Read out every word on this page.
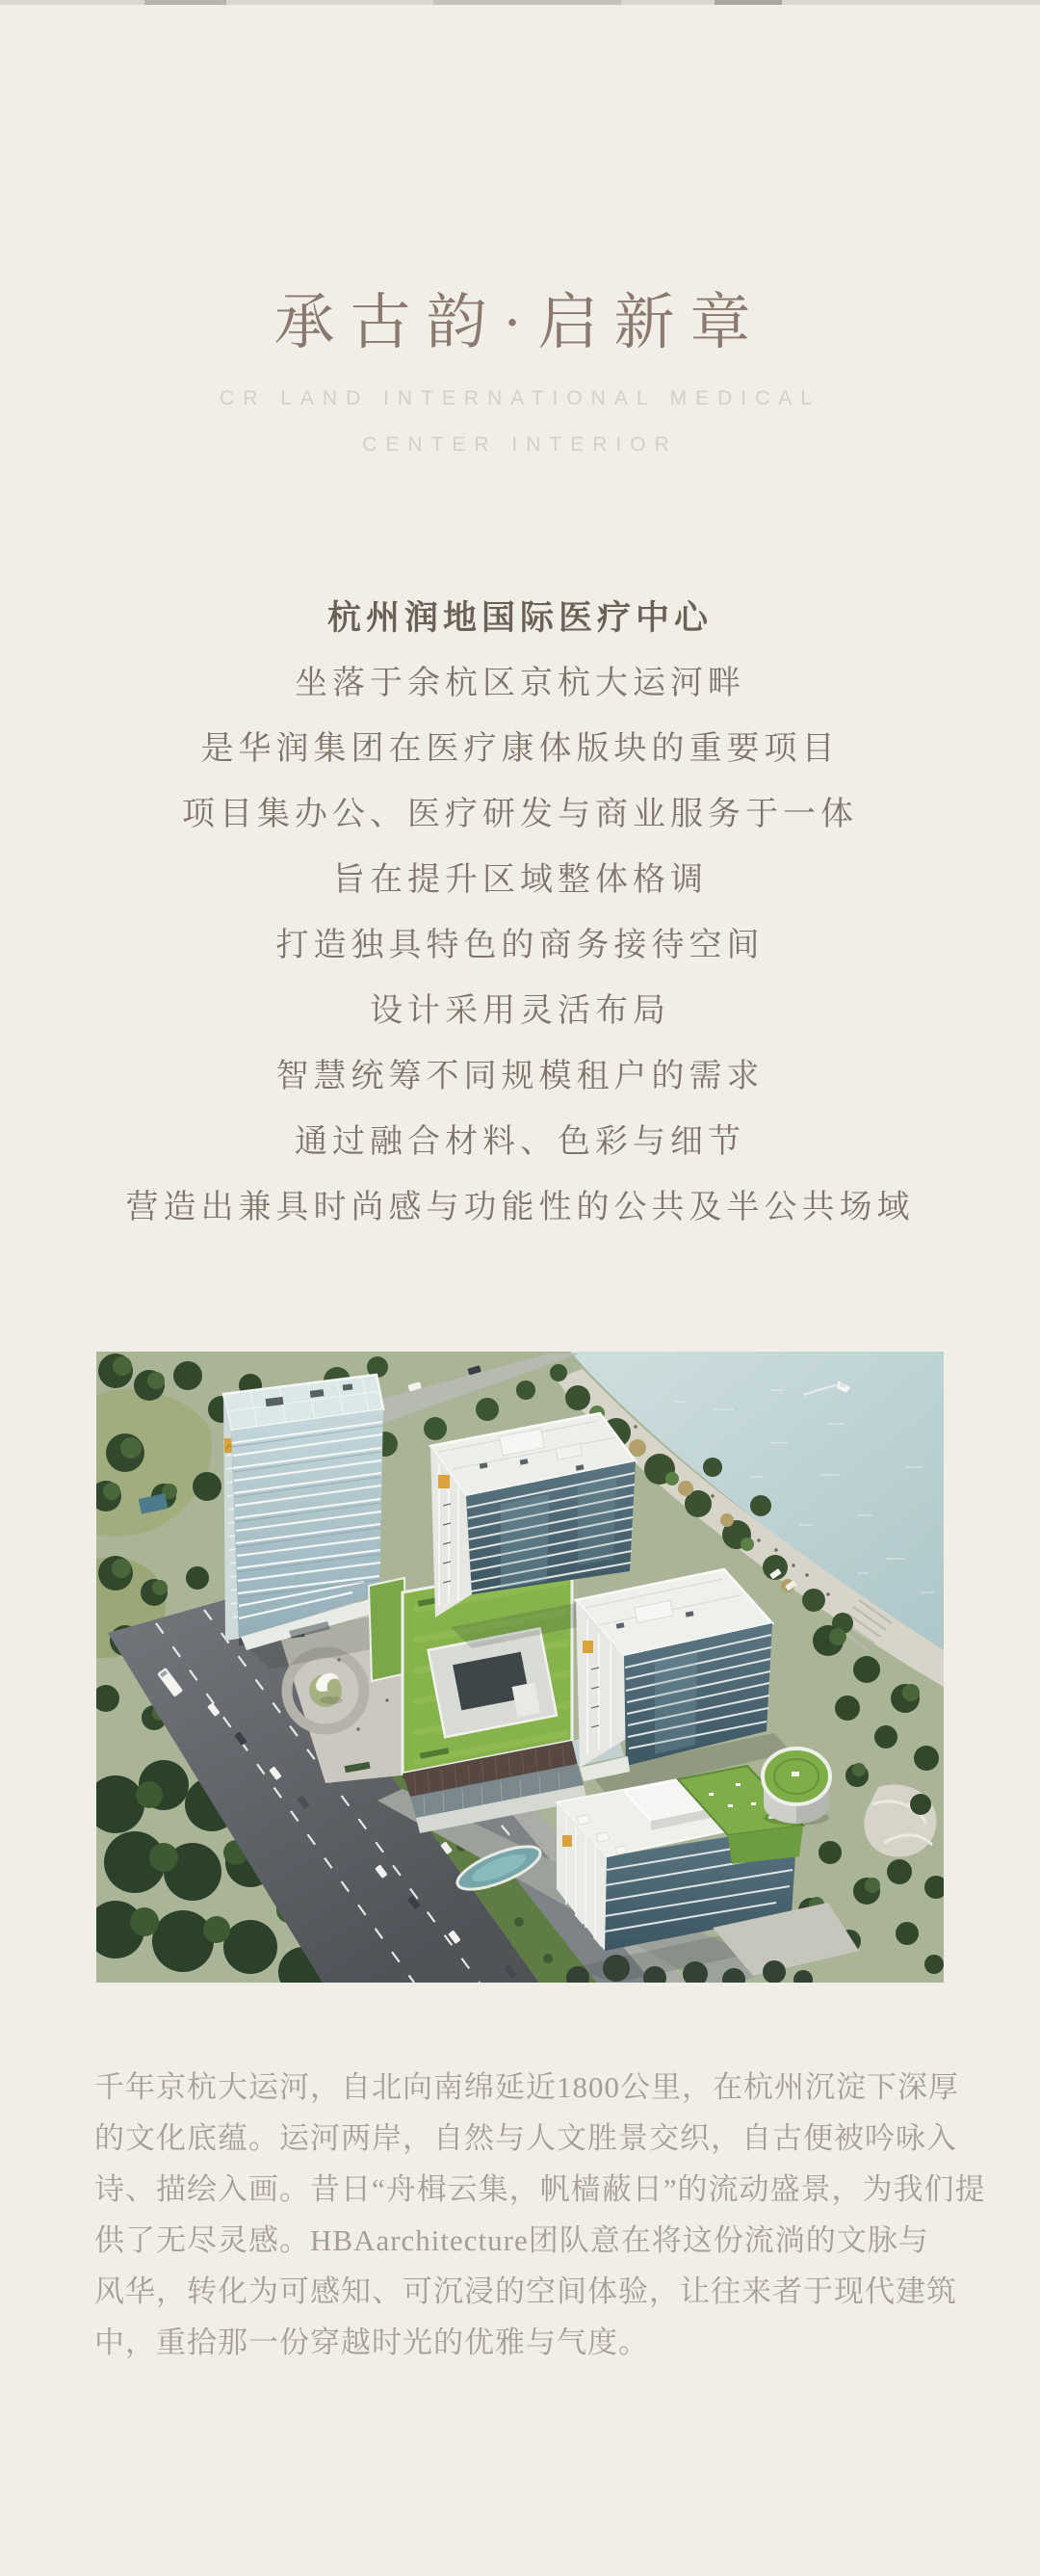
承古韵·启新章
CR LAND INTERNATIONAL MEDICAL
CENTER INTERIOR
杭州润地国际医疗中心
坐落于余杭区京杭大运河畔
是华润集团在医疗康体版块的重要项目
项目集办公、医疗研发与商业服务于一体
旨在提升区域整体格调
打造独具特色的商务接待空间
设计采用灵活布局
智慧统筹不同规模租户的需求
通过融合材料、色彩与细节
营造出兼具时尚感与功能性的公共及半公共场域
千年京杭大运河，自北向南绵延近1800公里，在杭州沉淀下深厚
的文化底蕴。运河两岸，自然与人文胜景交织，自古便被吟咏入
诗、描绘入画。昔日“舟楫云集，帆樯蔽日”的流动盛景，为我们提
供了无尽灵感。HBAarchitecture团队意在将这份流淌的文脉与
风华，转化为可感知、可沉浸的空间体验，让往来者于现代建筑
中，重拾那一份穿越时光的优雅与气度。
